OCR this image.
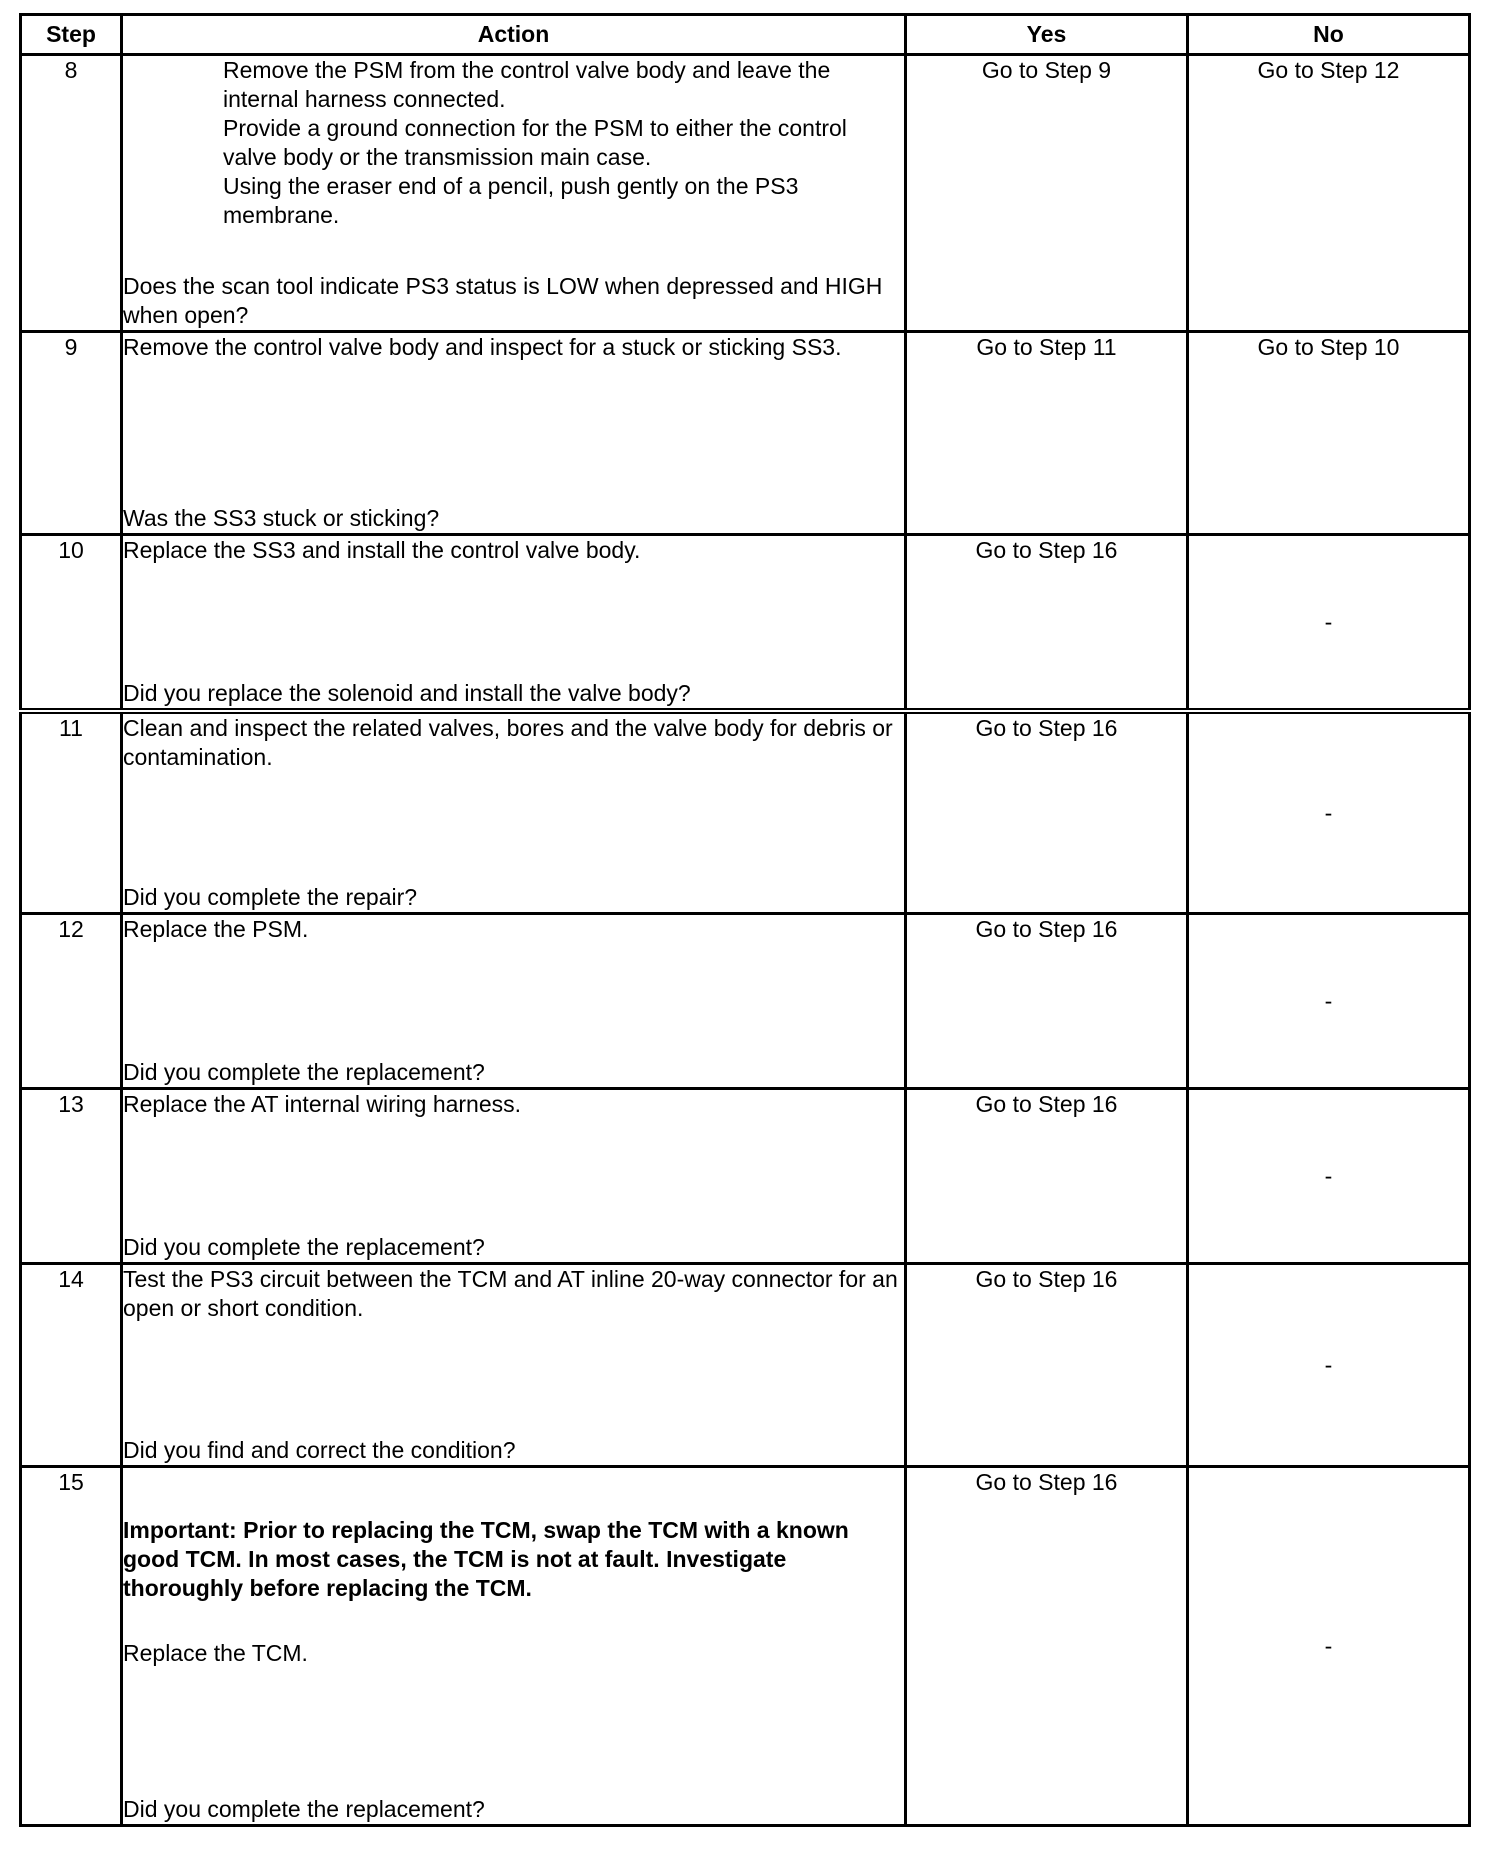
Step	Action	Yes	No
8	Remove the PSM from the control valve body and leave the internal harness connected.

Provide a ground connection for the PSM to either the control valve body or the transmission main case.

Using the eraser end of a pencil, push gently on the PS3 membrane.

Does the scan tool indicate PS3 status is LOW when depressed and HIGH when open?	Go to Step 9	Go to Step 12
9	Remove the control valve body and inspect for a stuck or sticking SS3.

Was the SS3 stuck or sticking?	Go to Step 11	Go to Step 10
10	Replace the SS3 and install the control valve body.

Did you replace the solenoid and install the valve body?	Go to Step 16	-
11	Clean and inspect the related valves, bores and the valve body for debris or contamination.

Did you complete the repair?	Go to Step 16	-
12	Replace the PSM.

Did you complete the replacement?	Go to Step 16	-
13	Replace the AT internal wiring harness.

Did you complete the replacement?	Go to Step 16	-
14	Test the PS3 circuit between the TCM and AT inline 20-way connector for an open or short condition.

Did you find and correct the condition?	Go to Step 16	-
15	Important: Prior to replacing the TCM, swap the TCM with a known good TCM. In most cases, the TCM is not at fault. Investigate thoroughly before replacing the TCM.

Replace the TCM.

Did you complete the replacement?	Go to Step 16	-
